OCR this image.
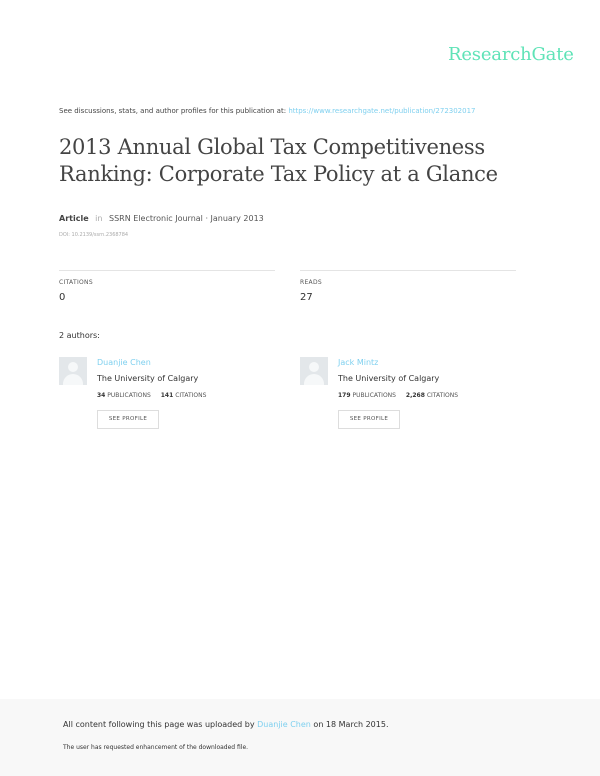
ResearchGate
See discussions, stats, and author profiles for this publication at: https://www.researchgate.net/publication/272302017
2013 Annual Global Tax Competitiveness
Ranking: Corporate Tax Policy at a Glance
Article in SSRN Electronic Journal · January 2013
DOI: 10.2139/ssrn.2368784
CITATIONS
0
READS
27
2 authors:
Duanjie Chen
The University of Calgary
34 PUBLICATIONS 141 CITATIONS
SEE PROFILE
Jack Mintz
The University of Calgary
179 PUBLICATIONS 2,268 CITATIONS
SEE PROFILE
All content following this page was uploaded by Duanjie Chen on 18 March 2015.
The user has requested enhancement of the downloaded file.
